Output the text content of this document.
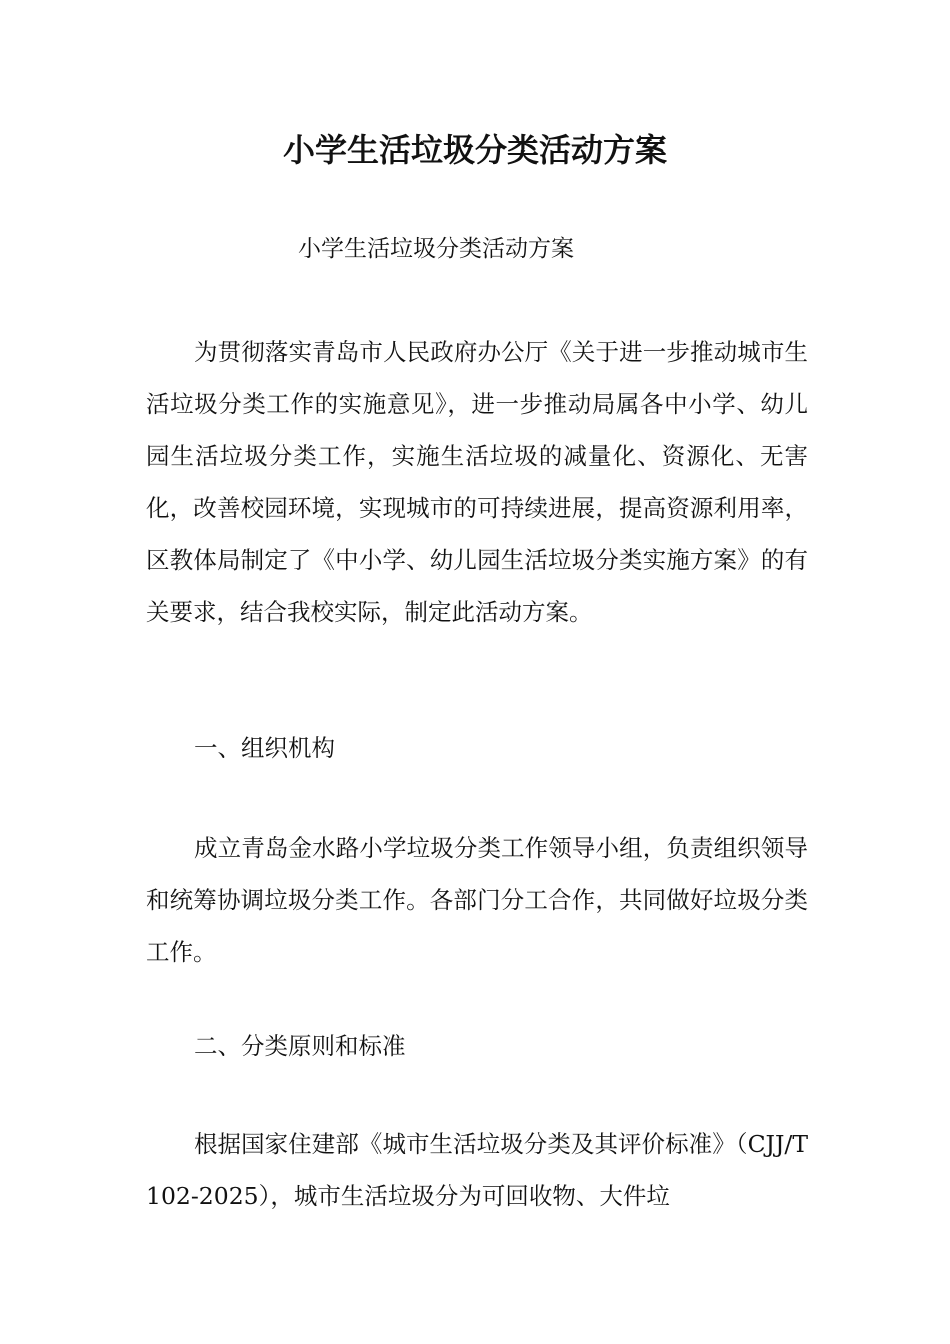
小学生活垃圾分类活动方案

小学生活垃圾分类活动方案

为贯彻落实青岛市人民政府办公厅《关于进一步推动城市生活垃圾分类工作的实施意见》，进一步推动局属各中小学、幼儿园生活垃圾分类工作，实施生活垃圾的减量化、资源化、无害化，改善校园环境，实现城市的可持续进展，提高资源利用率，区教体局制定了《中小学、幼儿园生活垃圾分类实施方案》的有关要求，结合我校实际，制定此活动方案。

一、组织机构

成立青岛金水路小学垃圾分类工作领导小组，负责组织领导和统筹协调垃圾分类工作。各部门分工合作，共同做好垃圾分类工作。

二、分类原则和标准

根据国家住建部《城市生活垃圾分类及其评价标准》（CJJ/T102-2025），城市生活垃圾分为可回收物、大件垃
